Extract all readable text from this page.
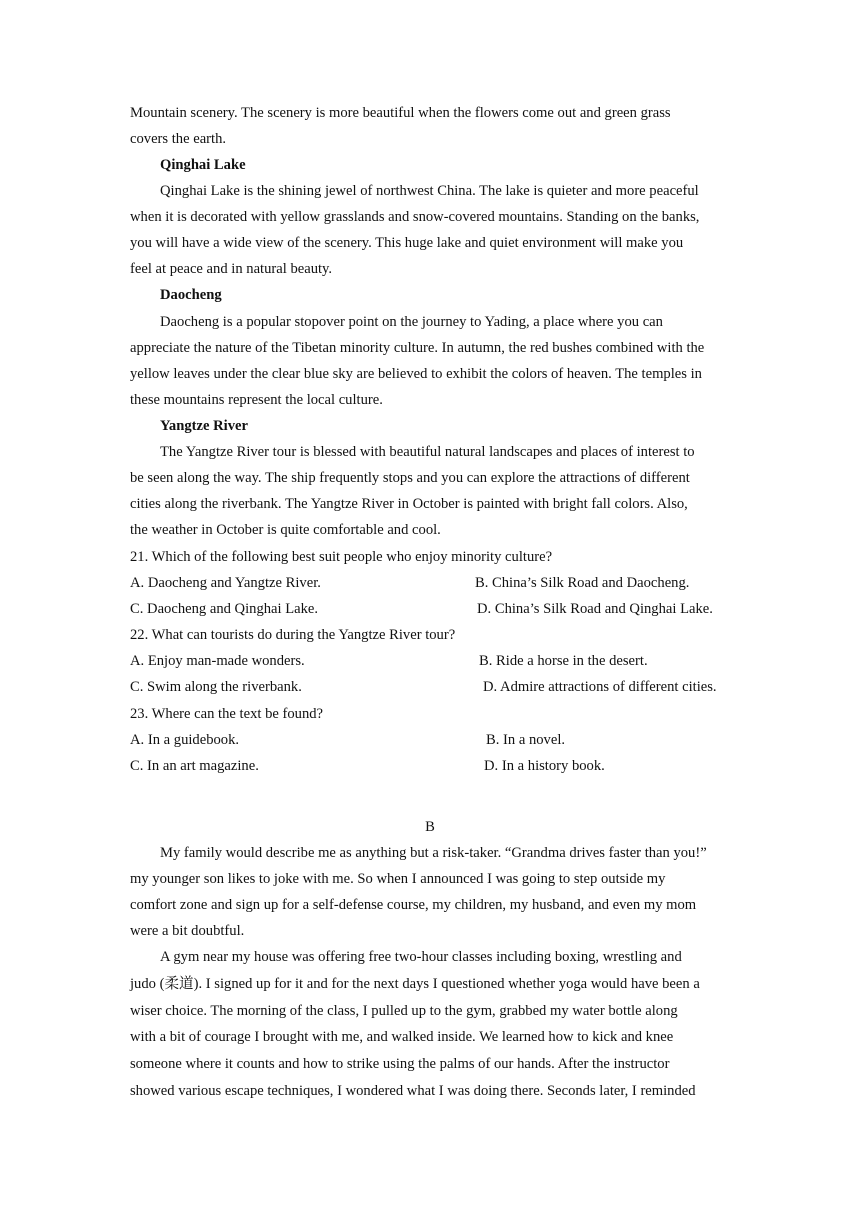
Mountain scenery. The scenery is more beautiful when the flowers come out and green grass
covers the earth.
Qinghai Lake
Qinghai Lake is the shining jewel of northwest China. The lake is quieter and more peaceful
when it is decorated with yellow grasslands and snow-covered mountains. Standing on the banks,
you will have a wide view of the scenery. This huge lake and quiet environment will make you
feel at peace and in natural beauty.
Daocheng
Daocheng is a popular stopover point on the journey to Yading, a place where you can
appreciate the nature of the Tibetan minority culture. In autumn, the red bushes combined with the
yellow leaves under the clear blue sky are believed to exhibit the colors of heaven. The temples in
these mountains represent the local culture.
Yangtze River
The Yangtze River tour is blessed with beautiful natural landscapes and places of interest to
be seen along the way. The ship frequently stops and you can explore the attractions of different
cities along the riverbank. The Yangtze River in October is painted with bright fall colors. Also,
the weather in October is quite comfortable and cool.
21. Which of the following best suit people who enjoy minority culture?
A. Daocheng and Yangtze River.	B. China’s Silk Road and Daocheng.
C. Daocheng and Qinghai Lake.	D. China’s Silk Road and Qinghai Lake.
22. What can tourists do during the Yangtze River tour?
A. Enjoy man-made wonders.	B. Ride a horse in the desert.
C. Swim along the riverbank.	D. Admire attractions of different cities.
23. Where can the text be found?
A. In a guidebook.	B. In a novel.
C. In an art magazine.	D. In a history book.
B
My family would describe me as anything but a risk-taker. “Grandma drives faster than you!”
my younger son likes to joke with me. So when I announced I was going to step outside my
comfort zone and sign up for a self-defense course, my children, my husband, and even my mom
were a bit doubtful.
A gym near my house was offering free two-hour classes including boxing, wrestling and
judo (柔道). I signed up for it and for the next days I questioned whether yoga would have been a
wiser choice. The morning of the class, I pulled up to the gym, grabbed my water bottle along
with a bit of courage I brought with me, and walked inside. We learned how to kick and knee
someone where it counts and how to strike using the palms of our hands. After the instructor
showed various escape techniques, I wondered what I was doing there. Seconds later, I reminded
